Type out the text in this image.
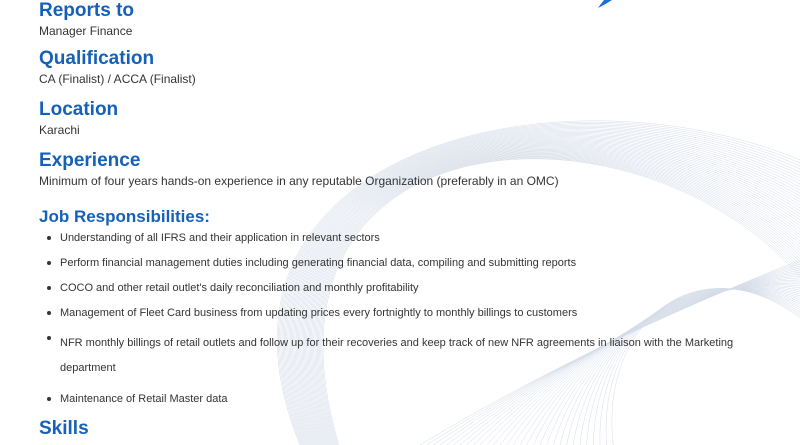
Reports to

Manager Finance

Qualification

CA (Finalist) / ACCA (Finalist)

Location

Karachi

Experience

Minimum of four years hands-on experience in any reputable Organization (preferably in an OMC)

Job Responsibilities:
Understanding of all IFRS and their application in relevant sectors
Perform financial management duties including generating financial data, compiling and submitting reports
COCO and other retail outlet's daily reconciliation and monthly profitability
Management of Fleet Card business from updating prices every fortnightly to monthly billings to customers
NFR monthly billings of retail outlets and follow up for their recoveries and keep track of new NFR agreements in liaison with the Marketing department
Maintenance of Retail Master data
Skills
